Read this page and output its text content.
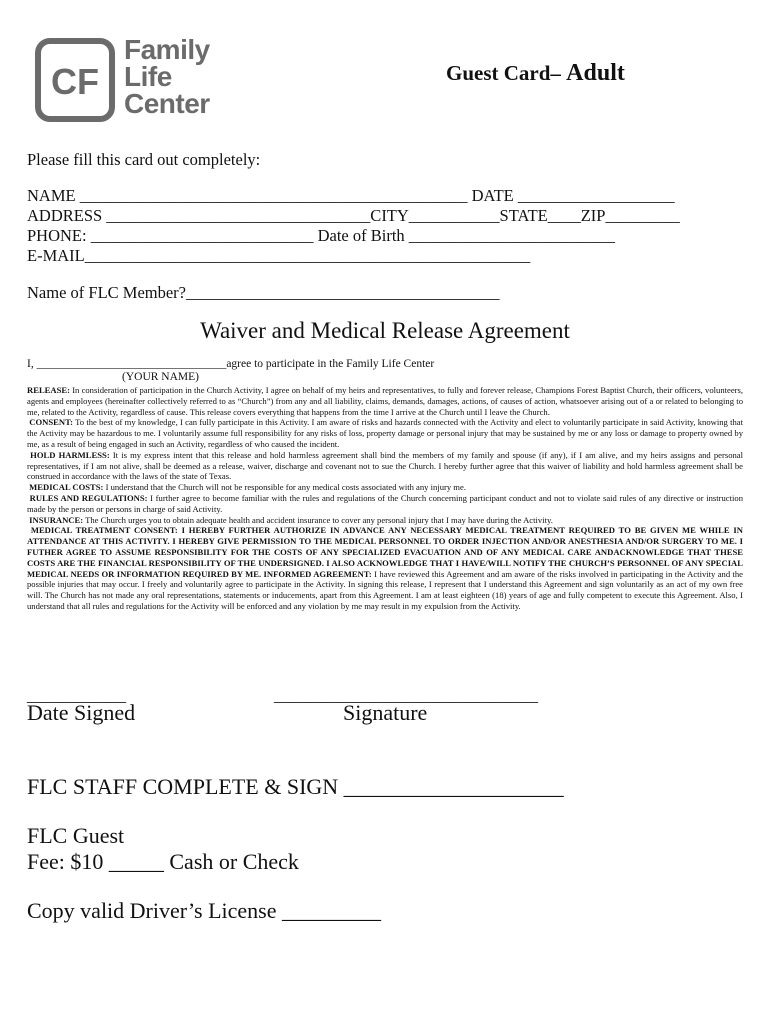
CF
Family
Life
Center
Guest Card– Adult
Please fill this card out completely:
NAME _______________________________________________ DATE ___________________
ADDRESS ________________________________CITY___________STATE____ZIP_________
PHONE: ___________________________ Date of Birth _________________________
E-MAIL______________________________________________________
Name of FLC Member?______________________________________
Waiver and Medical Release Agreement
I, _________________________________agree to participate in the Family Life Center
(YOUR NAME)

RELEASE: In consideration of participation in the Church Activity, I agree on behalf of my heirs and representatives, to fully and forever release, Champions Forest Baptist Church, their officers, volunteers, agents and employees (hereinafter collectively referred to as “Church”) from any and all liability, claims, demands, damages, actions, of causes of action, whatsoever arising out of a or related to belonging to me, related to the Activity, regardless of cause. This release covers everything that happens from the time I arrive at the Church until I leave the Church.

CONSENT: To the best of my knowledge, I can fully participate in this Activity. I am aware of risks and hazards connected with the Activity and elect to voluntarily participate in said Activity, knowing that the Activity may be hazardous to me. I voluntarily assume full responsibility for any risks of loss, property damage or personal injury that may be sustained by me or any loss or damage to property owned by me, as a result of being engaged in such an Activity, regardless of who caused the incident.

HOLD HARMLESS: It is my express intent that this release and hold harmless agreement shall bind the members of my family and spouse (if any), if I am alive, and my heirs assigns and personal representatives, if I am not alive, shall be deemed as a release, waiver, discharge and covenant not to sue the Church. I hereby further agree that this waiver of liability and hold harmless agreement shall be construed in accordance with the laws of the state of Texas.

MEDICAL COSTS: I understand that the Church will not be responsible for any medical costs associated with any injury me.

RULES AND REGULATIONS: I further agree to become familiar with the rules and regulations of the Church concerning participant conduct and not to violate said rules of any directive or instruction made by the person or persons in charge of said Activity.

INSURANCE: The Church urges you to obtain adequate health and accident insurance to cover any personal injury that I may have during the Activity.

MEDICAL TREATMENT CONSENT: I HEREBY FURTHER AUTHORIZE IN ADVANCE ANY NECESSARY MEDICAL TREATMENT REQUIRED TO BE GIVEN ME WHILE IN ATTENDANCE AT THIS ACTIVITY. I HEREBY GIVE PERMISSION TO THE MEDICAL PERSONNEL TO ORDER INJECTION AND/OR ANESTHESIA AND/OR SURGERY TO ME. I FUTHER AGREE TO ASSUME RESPONSIBILITY FOR THE COSTS OF ANY SPECIALIZED EVACUATION AND OF ANY MEDICAL CARE ANDACKNOWLEDGE THAT THESE COSTS ARE THE FINANCIAL RESPONSIBILITY OF THE UNDERSIGNED. I ALSO ACKNOWLEDGE THAT I HAVE/WILL NOTIFY THE CHURCH’S PERSONNEL OF ANY SPECIAL MEDICAL NEEDS OR INFORMATION REQUIRED BY ME. INFORMED AGREEMENT: I have reviewed this Agreement and am aware of the risks involved in participating in the Activity and the possible injuries that may occur. I freely and voluntarily agree to participate in the Activity. In signing this release, I represent that I understand this Agreement and sign voluntarily as an act of my own free will. The Church has not made any oral representations, statements or inducements, apart from this Agreement. I am at least eighteen (18) years of age and fully competent to execute this Agreement. Also, I understand that all rules and regulations for the Activity will be enforced and any violation by me may result in my expulsion from the Activity.

____________
Date Signed
________________________________
Signature
FLC STAFF COMPLETE & SIGN ____________________
FLC Guest
Fee: $10 _____ Cash or Check
Copy valid Driver’s License _________
